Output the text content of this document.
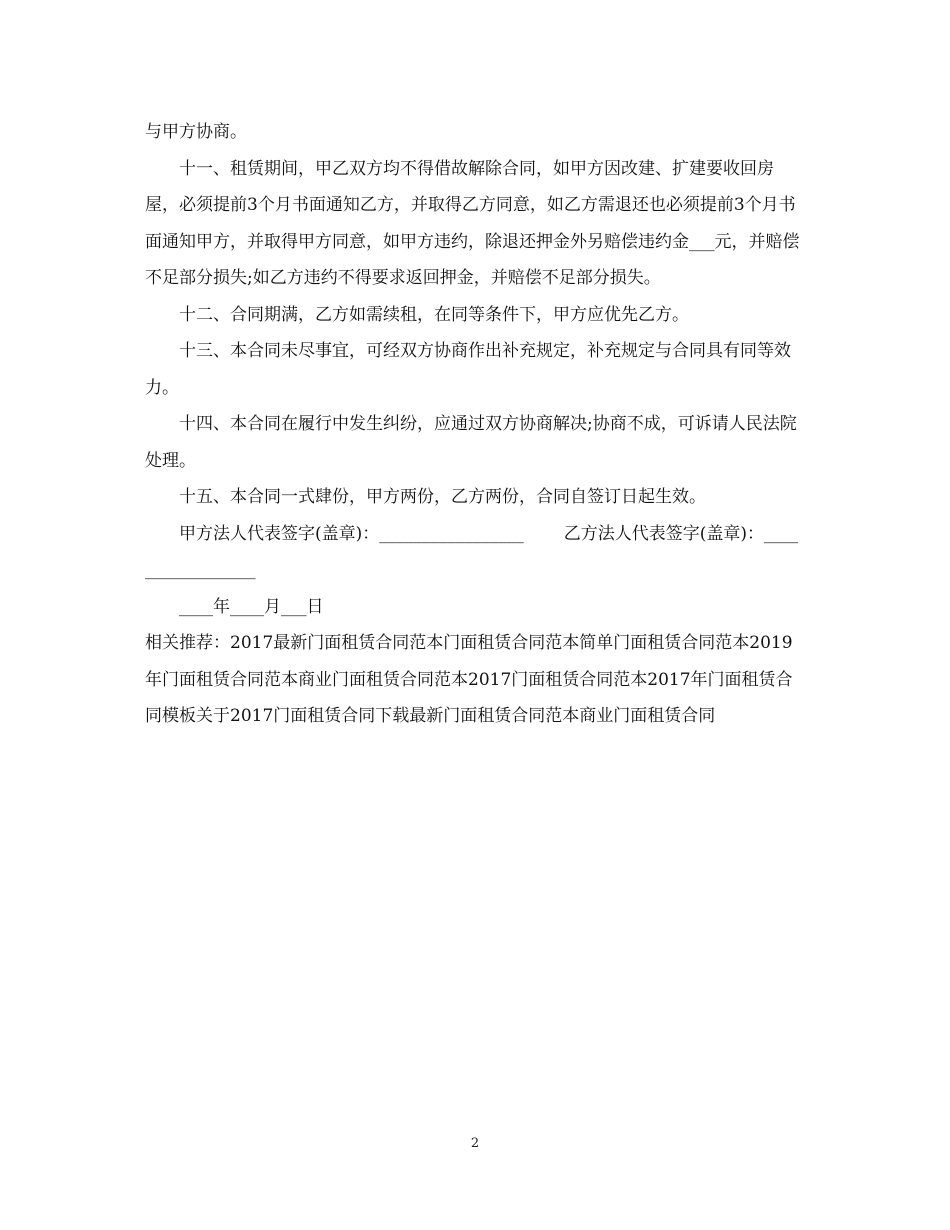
与甲方协商。

十一、租赁期间，甲乙双方均不得借故解除合同，如甲方因改建、扩建要收回房屋，必须提前3个月书面通知乙方，并取得乙方同意，如乙方需退还也必须提前3个月书面通知甲方，并取得甲方同意，如甲方违约，除退还押金外另赔偿违约金___元，并赔偿不足部分损失;如乙方违约不得要求返回押金，并赔偿不足部分损失。

十二、合同期满，乙方如需续租，在同等条件下，甲方应优先乙方。

十三、本合同未尽事宜，可经双方协商作出补充规定，补充规定与合同具有同等效力。

十四、本合同在履行中发生纠纷，应通过双方协商解决;协商不成，可诉请人民法院处理。

十五、本合同一式肆份，甲方两份，乙方两份，合同自签订日起生效。

甲方法人代表签字(盖章)：_________________ 乙方法人代表签字(盖章)：_________________

____年____月___日

相关推荐：2017最新门面租赁合同范本门面租赁合同范本简单门面租赁合同范本2019年门面租赁合同范本商业门面租赁合同范本2017门面租赁合同范本2017年门面租赁合同模板关于2017门面租赁合同下载最新门面租赁合同范本商业门面租赁合同

2
